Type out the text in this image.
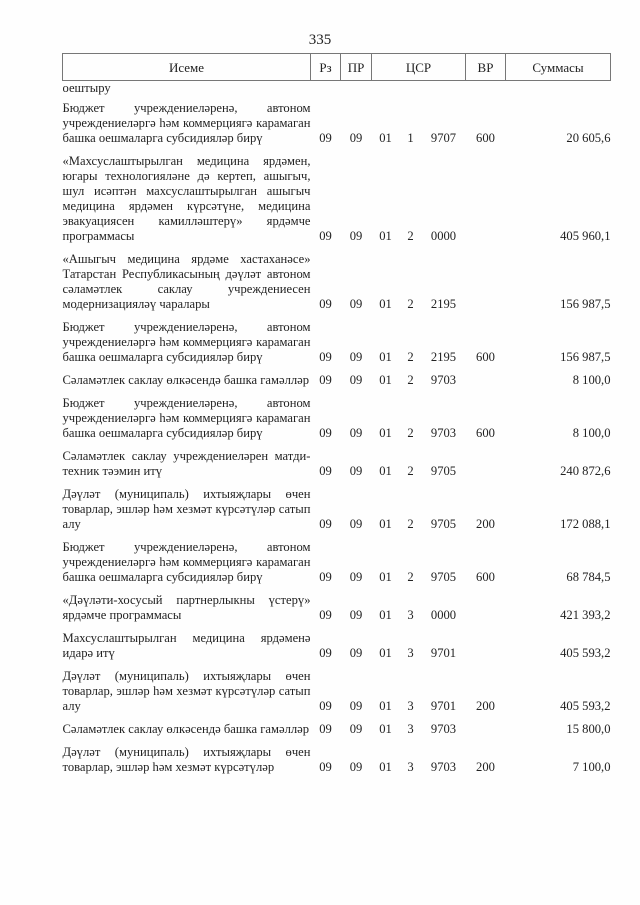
335
Исеме	Рз	ПР	ЦСР			ВР	Суммасы
оештыру							
Бюджет учреждениеләренә, автоном учреждениеләргә һәм коммерциягә карамаган башка оешмаларга субсидияләр бирү	09	09	01	1	9707	600	20 605,6
«Махсуслаштырылган медицина ярдәмен, югары технологияләне дә кертеп, ашыгыч, шул исәптән махсуслаштырылган ашыгыч медицина ярдәмен күрсәтүне, медицина эвакуациясен камилләштерү» ярдәмче программасы	09	09	01	2	0000		405 960,1
«Ашыгыч медицина ярдәме хастаханәсе» Татарстан Республикасының дәүләт автоном сәламәтлек саклау учреждениесен модернизацияләү чаралары	09	09	01	2	2195		156 987,5
Бюджет учреждениеләренә, автоном учреждениеләргә һәм коммерциягә карамаган башка оешмаларга субсидияләр бирү	09	09	01	2	2195	600	156 987,5
Сәламәтлек саклау өлкәсендә башка гамәлләр	09	09	01	2	9703		8 100,0
Бюджет учреждениеләренә, автоном учреждениеләргә һәм коммерциягә карамаган башка оешмаларга субсидияләр бирү	09	09	01	2	9703	600	8 100,0
Сәламәтлек саклау учреждениеләрен матди-техник тәэмин итү	09	09	01	2	9705		240 872,6
Дәүләт (муниципаль) ихтыяҗлары өчен товарлар, эшләр һәм хезмәт күрсәтүләр сатып алу	09	09	01	2	9705	200	172 088,1
Бюджет учреждениеләренә, автоном учреждениеләргә һәм коммерциягә карамаган башка оешмаларга субсидияләр бирү	09	09	01	2	9705	600	68 784,5
«Дәүләти-хосусый партнерлыкны үстерү» ярдәмче программасы	09	09	01	3	0000		421 393,2
Махсуслаштырылган медицина ярдәменә идарә итү	09	09	01	3	9701		405 593,2
Дәүләт (муниципаль) ихтыяҗлары өчен товарлар, эшләр һәм хезмәт күрсәтүләр сатып алу	09	09	01	3	9701	200	405 593,2
Сәламәтлек саклау өлкәсендә башка гамәлләр	09	09	01	3	9703		15 800,0
Дәүләт (муниципаль) ихтыяҗлары өчен товарлар, эшләр һәм хезмәт күрсәтүләр	09	09	01	3	9703	200	7 100,0
